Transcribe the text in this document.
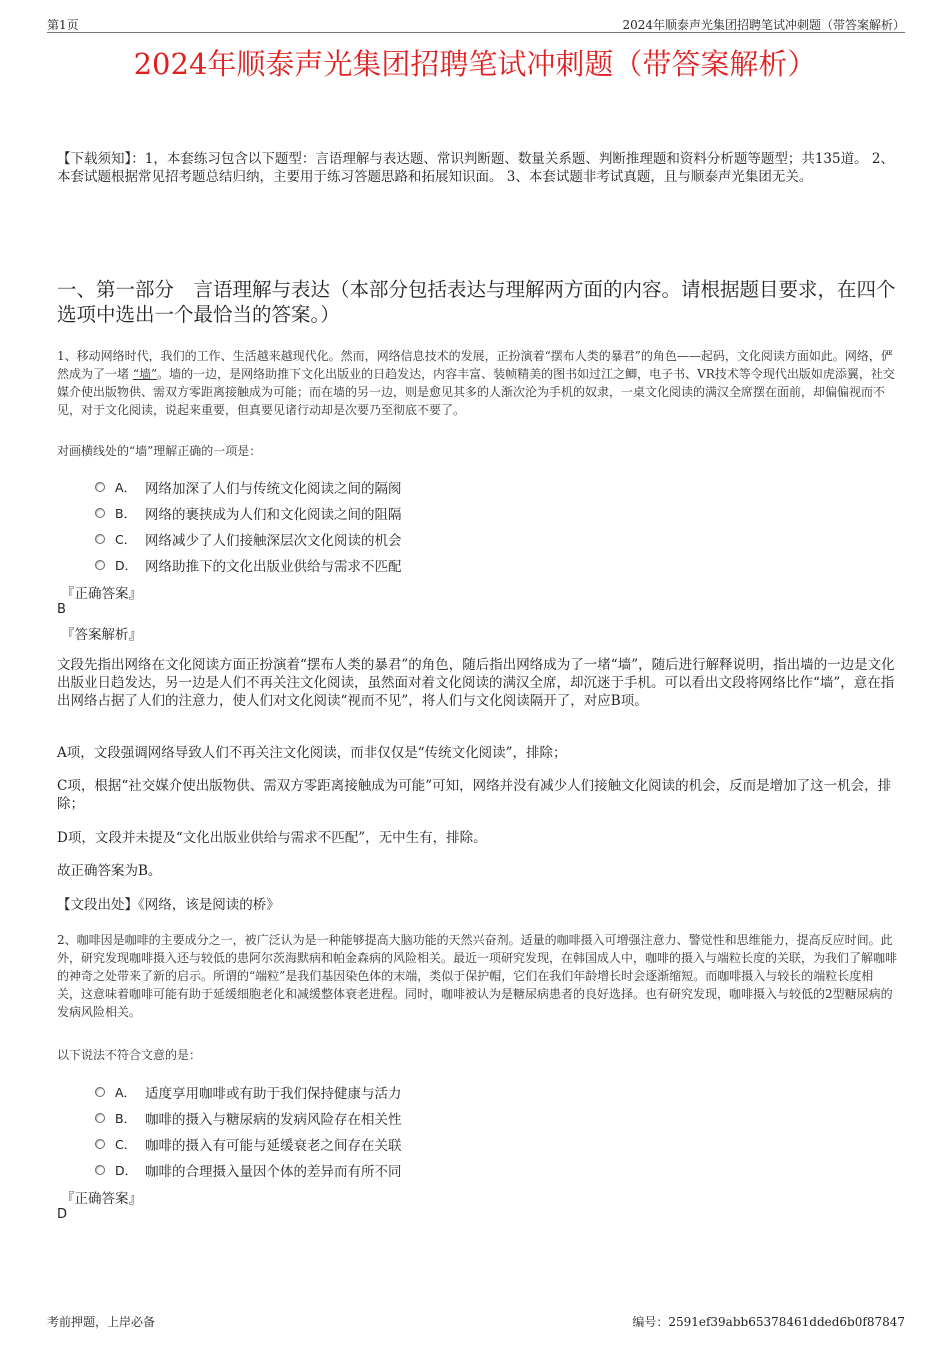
第1页	2024年顺泰声光集团招聘笔试冲刺题（带答案解析）
2024年顺泰声光集团招聘笔试冲刺题（带答案解析）
【下载须知】：1，本套练习包含以下题型：言语理解与表达题、常识判断题、数量关系题、判断推理题和资料分析题等题型；共135道。 2、本套试题根据常见招考题总结归纳，主要用于练习答题思路和拓展知识面。 3、本套试题非考试真题，且与顺泰声光集团无关。
一、第一部分　言语理解与表达（本部分包括表达与理解两方面的内容。请根据题目要求，在四个选项中选出一个最恰当的答案。）
1、移动网络时代，我们的工作、生活越来越现代化。然而，网络信息技术的发展，正扮演着“摆布人类的暴君”的角色——起码，文化阅读方面如此。网络，俨然成为了一堵 “墙”。墙的一边，是网络助推下文化出版业的日趋发达，内容丰富、装帧精美的图书如过江之鲫，电子书、VR技术等令现代出版如虎添翼，社交媒介使出版物供、需双方零距离接触成为可能；而在墙的另一边，则是愈见其多的人渐次沦为手机的奴隶，一桌文化阅读的满汉全席摆在面前，却偏偏视而不见，对于文化阅读，说起来重要，但真要见诸行动却是次要乃至彻底不要了。
对画横线处的“墙”理解正确的一项是：
A． 网络加深了人们与传统文化阅读之间的隔阂
B． 网络的裹挟成为人们和文化阅读之间的阻隔
C． 网络减少了人们接触深层次文化阅读的机会
D． 网络助推下的文化出版业供给与需求不匹配
『正确答案』
B
『答案解析』
文段先指出网络在文化阅读方面正扮演着“摆布人类的暴君”的角色，随后指出网络成为了一堵“墙”，随后进行解释说明，指出墙的一边是文化出版业日趋发达，另一边是人们不再关注文化阅读，虽然面对着文化阅读的满汉全席，却沉迷于手机。可以看出文段将网络比作“墙”，意在指出网络占据了人们的注意力，使人们对文化阅读“视而不见”，将人们与文化阅读隔开了，对应B项。
A项，文段强调网络导致人们不再关注文化阅读，而非仅仅是“传统文化阅读”，排除；
C项，根据“社交媒介使出版物供、需双方零距离接触成为可能”可知，网络并没有减少人们接触文化阅读的机会，反而是增加了这一机会，排除；
D项，文段并未提及“文化出版业供给与需求不匹配”，无中生有，排除。
故正确答案为B。
【文段出处】《网络，该是阅读的桥》
2、咖啡因是咖啡的主要成分之一，被广泛认为是一种能够提高大脑功能的天然兴奋剂。适量的咖啡摄入可增强注意力、警觉性和思维能力，提高反应时间。此外，研究发现咖啡摄入还与较低的患阿尔茨海默病和帕金森病的风险相关。最近一项研究发现，在韩国成人中，咖啡的摄入与端粒长度的关联，为我们了解咖啡的神奇之处带来了新的启示。所谓的“端粒”是我们基因染色体的末端，类似于保护帽，它们在我们年龄增长时会逐渐缩短。而咖啡摄入与较长的端粒长度相关，这意味着咖啡可能有助于延缓细胞老化和减缓整体衰老进程。同时，咖啡被认为是糖尿病患者的良好选择。也有研究发现，咖啡摄入与较低的2型糖尿病的发病风险相关。
以下说法不符合文意的是：
A． 适度享用咖啡或有助于我们保持健康与活力
B． 咖啡的摄入与糖尿病的发病风险存在相关性
C． 咖啡的摄入有可能与延缓衰老之间存在关联
D． 咖啡的合理摄入量因个体的差异而有所不同
『正确答案』
D
考前押题，上岸必备	编号：2591ef39abb65378461dded6b0f87847
